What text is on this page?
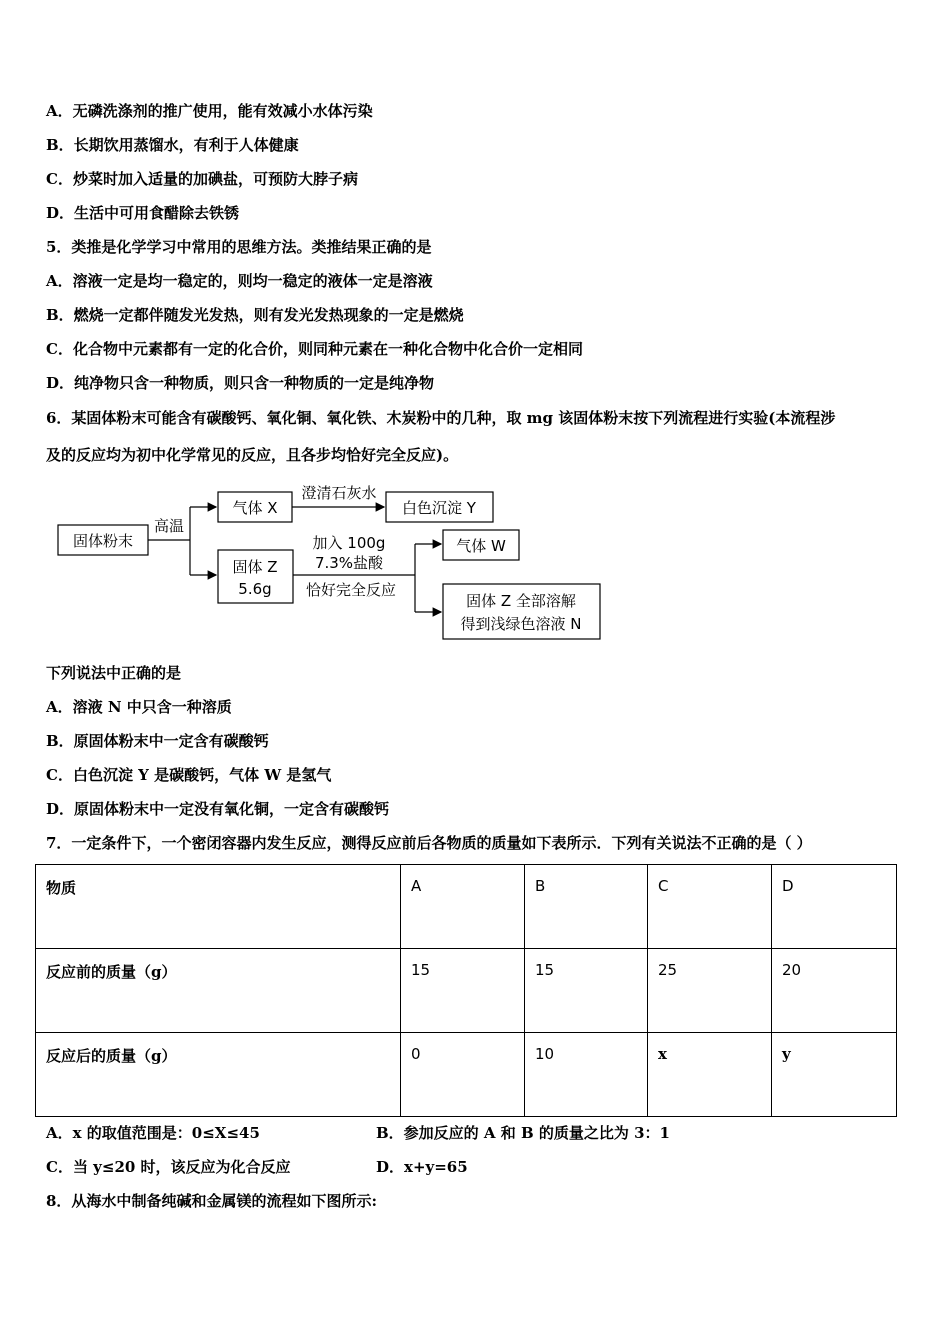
A．无磷洗涤剂的推广使用，能有效减小水体污染
B．长期饮用蒸馏水，有利于人体健康
C．炒菜时加入适量的加碘盐，可预防大脖子病
D．生活中可用食醋除去铁锈
5．类推是化学学习中常用的思维方法。类推结果正确的是
A．溶液一定是均一稳定的，则均一稳定的液体一定是溶液
B．燃烧一定都伴随发光发热，则有发光发热现象的一定是燃烧
C．化合物中元素都有一定的化合价，则同种元素在一种化合物中化合价一定相同
D．纯净物只含一种物质，则只含一种物质的一定是纯净物
6．某固体粉末可能含有碳酸钙、氧化铜、氧化铁、木炭粉中的几种，取 mg 该固体粉末按下列流程进行实验(本流程涉
及的反应均为初中化学常见的反应，且各步均恰好完全反应)。
固体粉末
高温
气体 X
澄清石灰水
白色沉淀 Y
固体 Z
5.6g
加入 100g
7.3%盐酸
恰好完全反应
气体 W
固体 Z 全部溶解
得到浅绿色溶液 N
下列说法中正确的是
A．溶液 N 中只含一种溶质
B．原固体粉末中一定含有碳酸钙
C．白色沉淀 Y 是碳酸钙，气体 W 是氢气
D．原固体粉末中一定没有氧化铜，一定含有碳酸钙
7．一定条件下，一个密闭容器内发生反应，测得反应前后各物质的质量如下表所示．下列有关说法不正确的是（ ）
物质	A	B	C	D
反应前的质量（g）	15	15	25	20
反应后的质量（g）	0	10	x	y
A．x 的取值范围是：0≤X≤45	B．参加反应的 A 和 B 的质量之比为 3：1
C．当 y≤20 时，该反应为化合反应	D．x+y=65
8．从海水中制备纯碱和金属镁的流程如下图所示:
